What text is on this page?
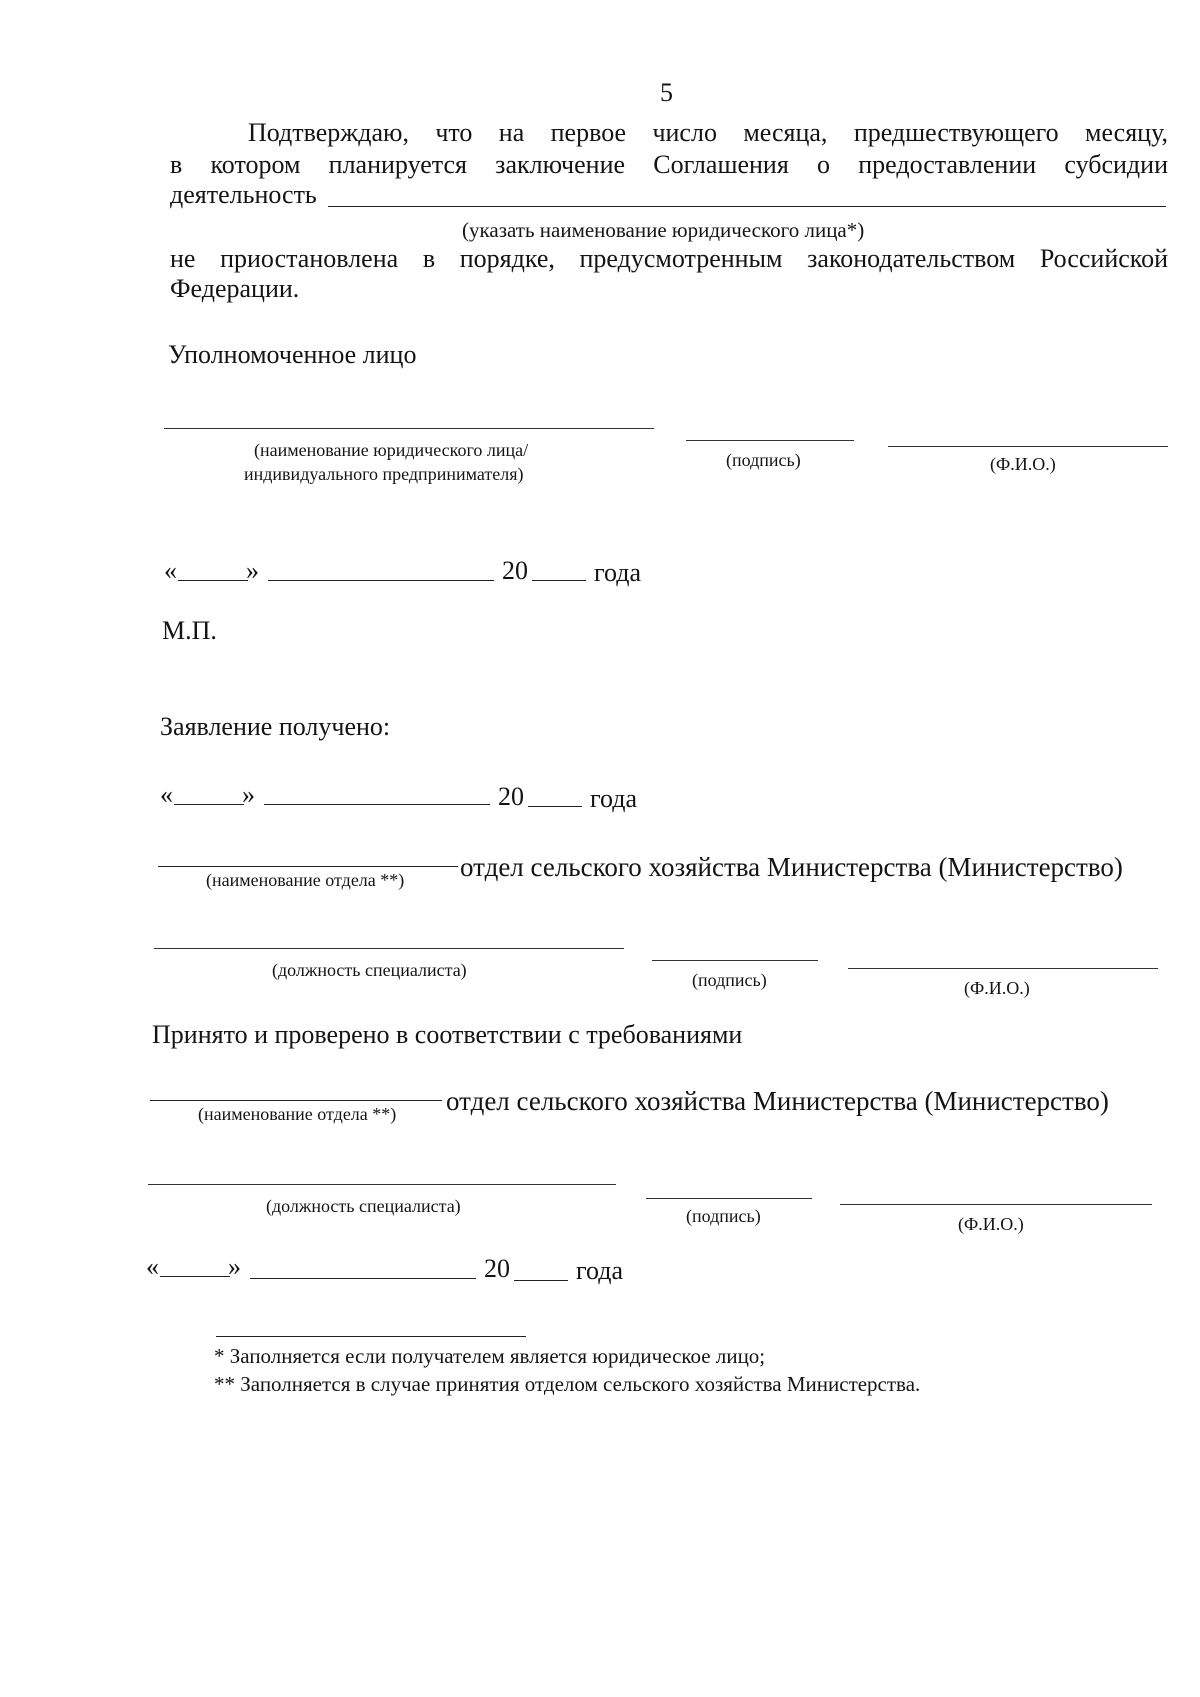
5
Подтверждаю, что на первое число месяца, предшествующего месяцу,
в котором планируется заключение Соглашения о предоставлении субсидии
деятельность
(указать наименование юридического лица*)
не приостановлена в порядке, предусмотренным законодательством Российской
Федерации.
Уполномоченное лицо
(наименование юридического лица/
индивидуального предпринимателя)
(подпись)	(Ф.И.О.)
«	»	20	года
М.П.
Заявление получено:
«	»	20	года
отдел сельского хозяйства Министерства (Министерство)
(наименование отдела **)
(должность специалиста)	(подпись)	(Ф.И.О.)
Принято и проверено в соответствии с требованиями
отдел сельского хозяйства Министерства (Министерство)
(наименование отдела **)
(должность специалиста)	(подпись)	(Ф.И.О.)
«	»	20	года
* Заполняется если получателем является юридическое лицо;
** Заполняется в случае принятия отделом сельского хозяйства Министерства.
